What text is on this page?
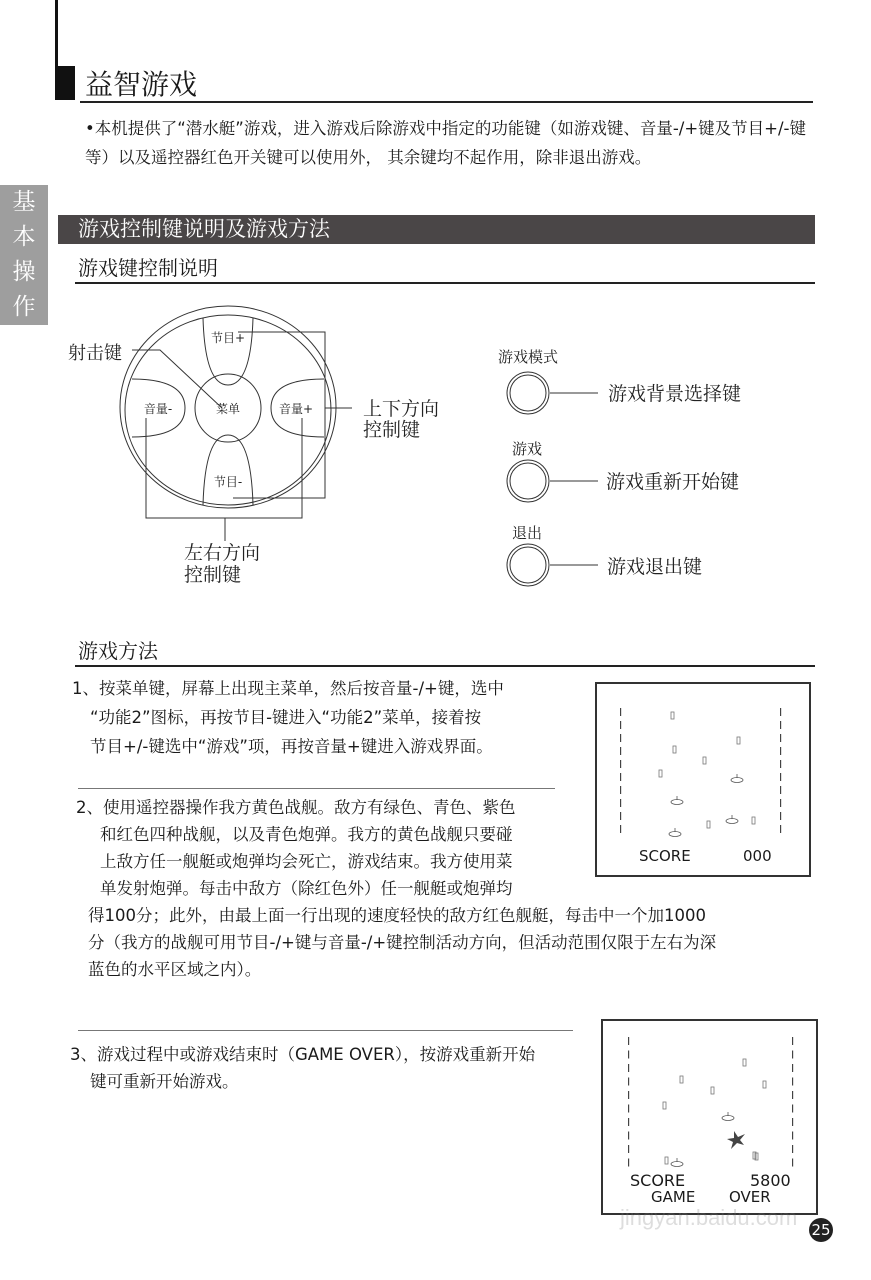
益智游戏
•本机提供了“潜水艇”游戏，进入游戏后除游戏中指定的功能键（如游戏键、音量-/+键及节目+/-键等）以及遥控器红色开关键可以使用外， 其余键均不起作用，除非退出游戏。
基
本
操
作
游戏控制键说明及游戏方法
游戏键控制说明
射击键
节目+
节目-
音量-	音量+
菜单	上下方向
控制键
左右方向
控制键
游戏模式
游戏背景选择键
游戏
游戏重新开始键
退出
游戏退出键
游戏方法
1、按菜单键，屏幕上出现主菜单，然后按音量-/+键，选中
“功能2”图标，再按节目-键进入“功能2”菜单，接着按
节目+/-键选中“游戏”项，再按音量+键进入游戏界面。
2、使用遥控器操作我方黄色战舰。敌方有绿色、青色、紫色
和红色四种战舰，以及青色炮弹。我方的黄色战舰只要碰
上敌方任一舰艇或炮弹均会死亡，游戏结束。我方使用菜
单发射炮弹。每击中敌方（除红色外）任一舰艇或炮弹均
得100分；此外，由最上面一行出现的速度轻快的敌方红色舰艇，每击中一个加1000
分（我方的战舰可用节目-/+键与音量-/+键控制活动方向，但活动范围仅限于左右为深
蓝色的水平区域之内）。
3、游戏过程中或游戏结束时（GAME OVER），按游戏重新开始
键可重新开始游戏。
I	I
I	I
I	I
I	I
I	I
I	I
I	I
I	I
I	I
I	I
SCORE	000
I	I
I	I
I	I
I	I
I	I
I	I
I	I
I	I
I	I
I	I
SCORE	5800
GAME OVER
jingyan.baidu.com 25
